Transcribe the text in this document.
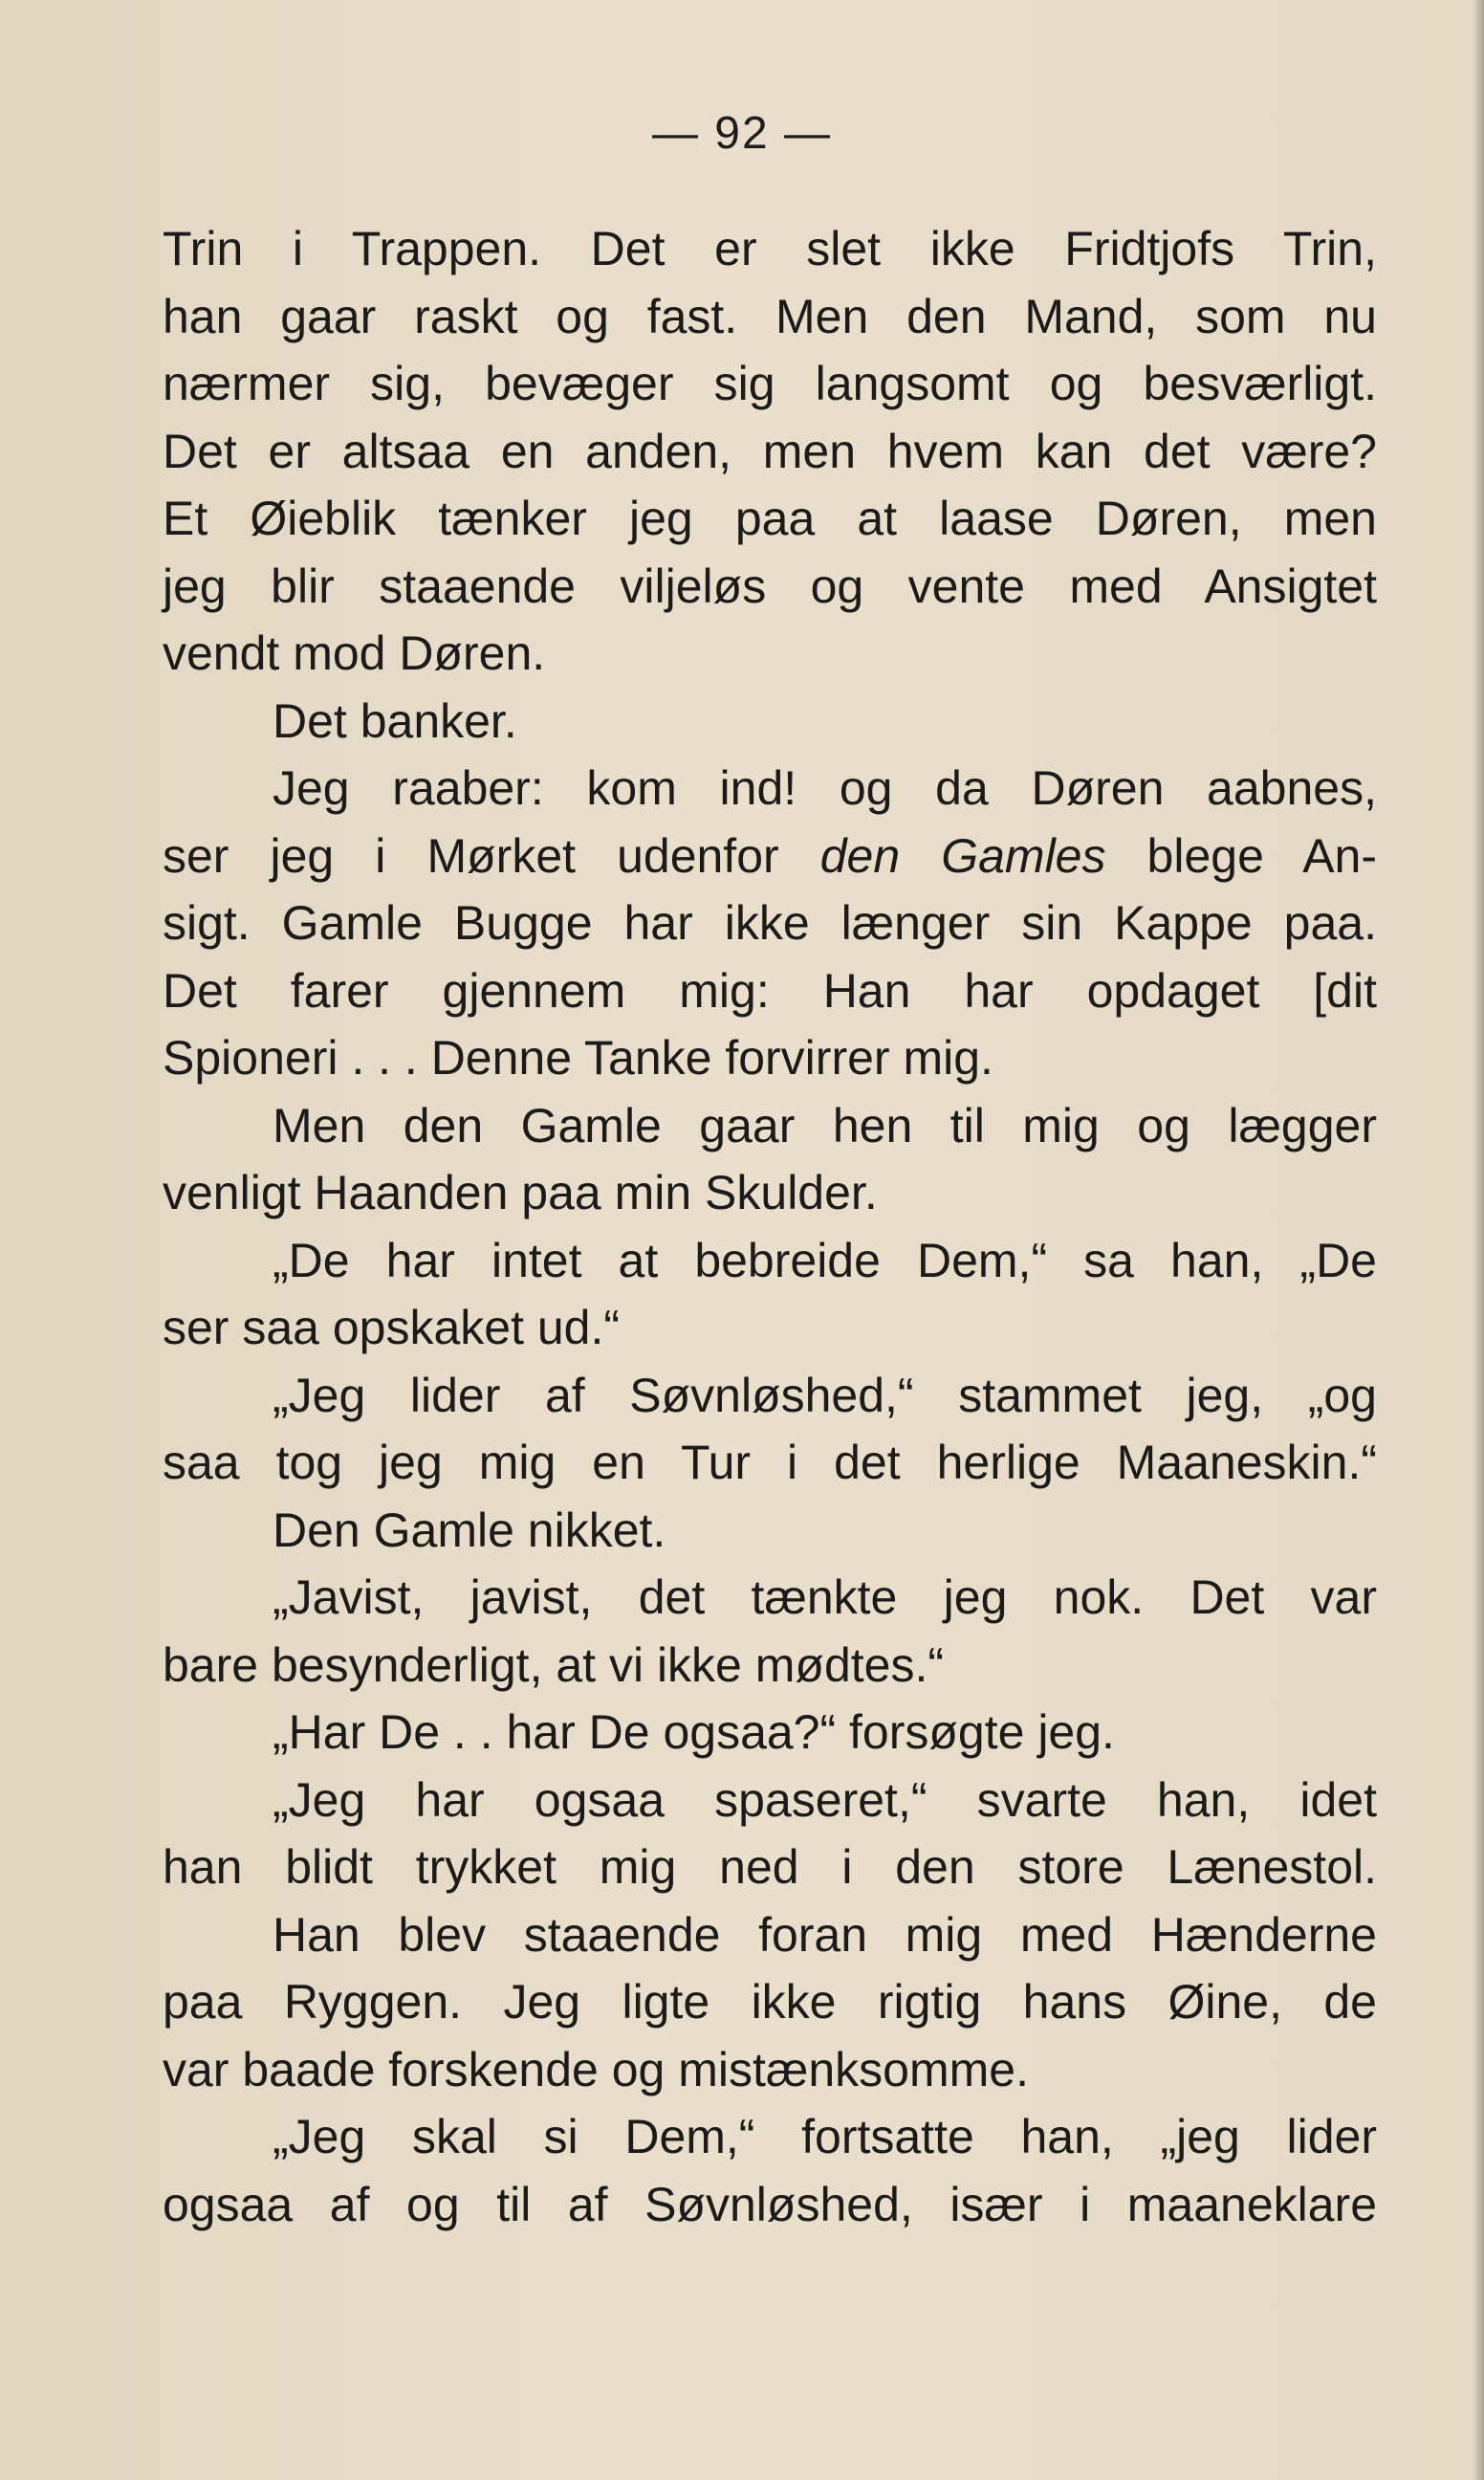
— 92 —
Trin i Trappen. Det er slet ikke Fridtjofs Trin,
han gaar raskt og fast. Men den Mand, som nu
nærmer sig, bevæger sig langsomt og besværligt.
Det er altsaa en anden, men hvem kan det være?
Et Øieblik tænker jeg paa at laase Døren, men
jeg blir staaende viljeløs og vente med Ansigtet
vendt mod Døren.
Det banker.
Jeg raaber: kom ind! og da Døren aabnes,
ser jeg i Mørket udenfor den Gamles blege An-
sigt. Gamle Bugge har ikke længer sin Kappe paa.
Det farer gjennem mig: Han har opdaget [dit
Spioneri . . . Denne Tanke forvirrer mig.
Men den Gamle gaar hen til mig og lægger
venligt Haanden paa min Skulder.
„De har intet at bebreide Dem,“ sa han, „De
ser saa opskaket ud.“
„Jeg lider af Søvnløshed,“ stammet jeg, „og
saa tog jeg mig en Tur i det herlige Maaneskin.“
Den Gamle nikket.
„Javist, javist, det tænkte jeg nok. Det var
bare besynderligt, at vi ikke mødtes.“
„Har De . . har De ogsaa?“ forsøgte jeg.
„Jeg har ogsaa spaseret,“ svarte han, idet
han blidt trykket mig ned i den store Lænestol.
Han blev staaende foran mig med Hænderne
paa Ryggen. Jeg ligte ikke rigtig hans Øine, de
var baade forskende og mistænksomme.
„Jeg skal si Dem,“ fortsatte han, „jeg lider
ogsaa af og til af Søvnløshed, især i maaneklare
